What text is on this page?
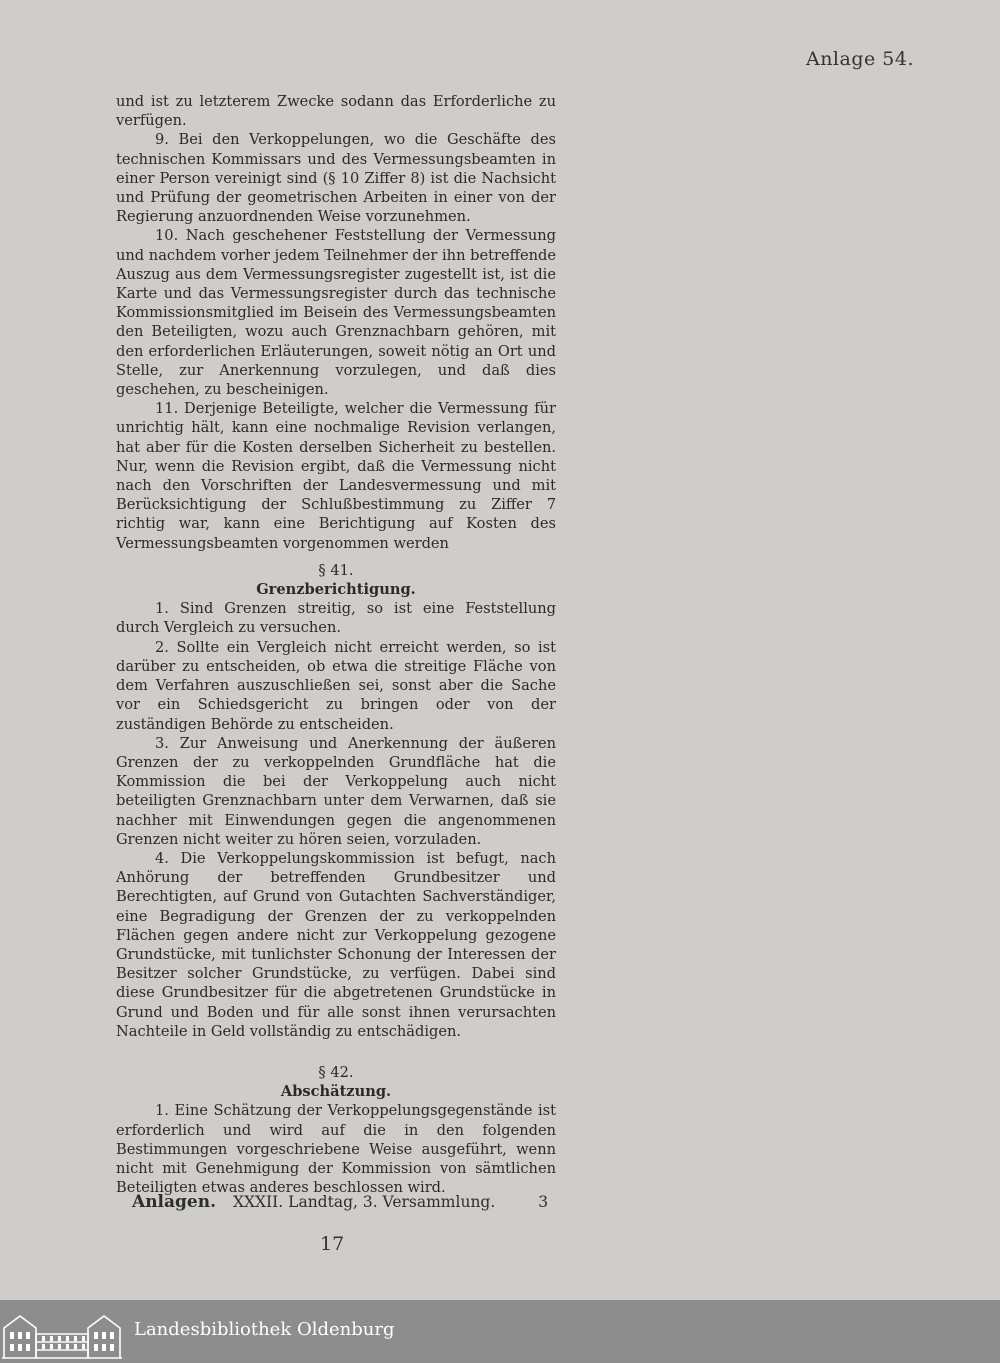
Anlage 54.

und ist zu letzterem Zwecke sodann das Erforderliche zu verfügen.

9. Bei den Verkoppelungen, wo die Geschäfte des technischen Kommissars und des Vermessungsbeamten in einer Person vereinigt sind (§ 10 Ziffer 8) ist die Nachsicht und Prüfung der geometrischen Arbeiten in einer von der Regierung anzuordnenden Weise vorzunehmen.

10. Nach geschehener Feststellung der Vermessung und nachdem vorher jedem Teilnehmer der ihn betreffende Auszug aus dem Vermessungsregister zugestellt ist, ist die Karte und das Vermessungsregister durch das technische Kommissionsmitglied im Beisein des Vermessungsbeamten den Beteiligten, wozu auch Grenznachbarn gehören, mit den erforderlichen Erläuterungen, soweit nötig an Ort und Stelle, zur Anerkennung vorzulegen, und daß dies geschehen, zu bescheinigen.

11. Derjenige Beteiligte, welcher die Vermessung für unrichtig hält, kann eine nochmalige Revision verlangen, hat aber für die Kosten derselben Sicherheit zu bestellen. Nur, wenn die Revision ergibt, daß die Vermessung nicht nach den Vorschriften der Landesvermessung und mit Berücksichtigung der Schlußbestimmung zu Ziffer 7 richtig war, kann eine Berichtigung auf Kosten des Vermessungsbeamten vorgenommen werden

§ 41.

Grenzberichtigung.

1. Sind Grenzen streitig, so ist eine Feststellung durch Vergleich zu versuchen.

2. Sollte ein Vergleich nicht erreicht werden, so ist darüber zu entscheiden, ob etwa die streitige Fläche von dem Verfahren auszuschließen sei, sonst aber die Sache vor ein Schiedsgericht zu bringen oder von der zuständigen Behörde zu entscheiden.

3. Zur Anweisung und Anerkennung der äußeren Grenzen der zu verkoppelnden Grundfläche hat die Kommission die bei der Verkoppelung auch nicht beteiligten Grenznachbarn unter dem Verwarnen, daß sie nachher mit Einwendungen gegen die angenommenen Grenzen nicht weiter zu hören seien, vorzuladen.

4. Die Verkoppelungskommission ist befugt, nach Anhörung der betreffenden Grundbesitzer und Berechtigten, auf Grund von Gutachten Sachverständiger, eine Begradigung der Grenzen der zu verkoppelnden Flächen gegen andere nicht zur Verkoppelung gezogene Grundstücke, mit tunlichster Schonung der Interessen der Besitzer solcher Grundstücke, zu verfügen. Dabei sind diese Grundbesitzer für die abgetretenen Grundstücke in Grund und Boden und für alle sonst ihnen verursachten Nachteile in Geld vollständig zu entschädigen.

§ 42.

Abschätzung.

1. Eine Schätzung der Verkoppelungsgegenstände ist erforderlich und wird auf die in den folgenden Bestimmungen vorgeschriebene Weise ausgeführt, wenn nicht mit Genehmigung der Kommission von sämtlichen Beteiligten etwas anderes beschlossen wird.

Anlagen. XXXII. Landtag, 3. Versammlung.	3
17
Landesbibliothek Oldenburg
